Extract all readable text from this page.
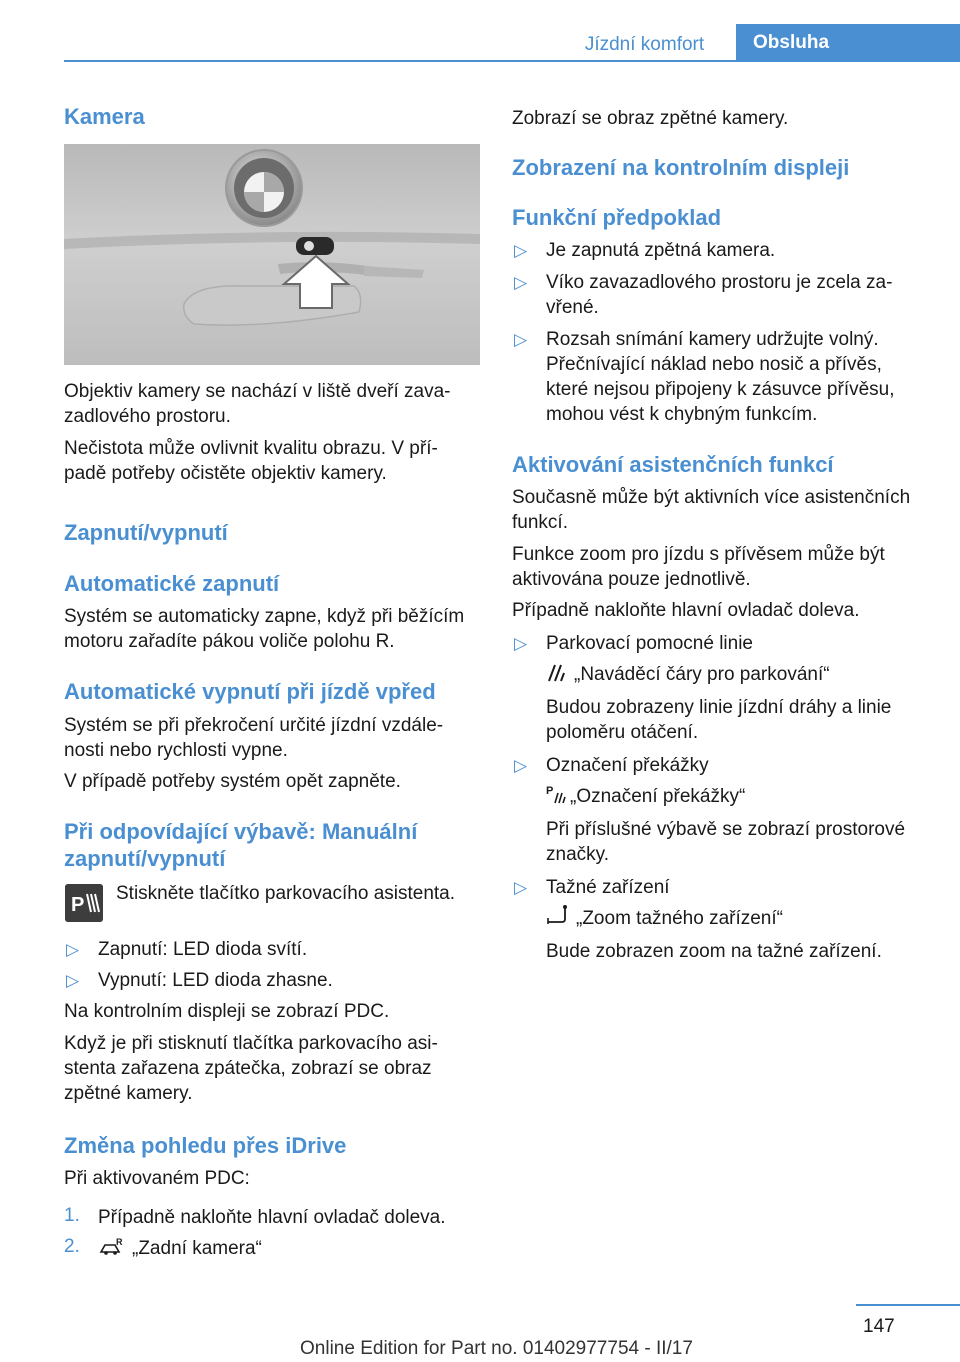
Jízdní komfort	Obsluha
Kamera
Objektiv kamery se nachází v liště dveří zava-
zadlového prostoru.
Nečistota může ovlivnit kvalitu obrazu. V pří-
padě potřeby očistěte objektiv kamery.
Zapnutí/vypnutí
Automatické zapnutí
Systém se automaticky zapne, když při běžícím
motoru zařadíte pákou voliče polohu R.
Automatické vypnutí při jízdě vpřed
Systém se při překročení určité jízdní vzdále-
nosti nebo rychlosti vypne.
V případě potřeby systém opět zapněte.
Při odpovídající výbavě: Manuální
zapnutí/vypnutí
P
Stiskněte tlačítko parkovacího asistenta.
▷ Zapnutí: LED dioda svítí.
▷ Vypnutí: LED dioda zhasne.
Na kontrolním displeji se zobrazí PDC.
Když je při stisknutí tlačítka parkovacího asi-
stenta zařazena zpátečka, zobrazí se obraz
zpětné kamery.
Změna pohledu přes iDrive
Při aktivovaném PDC:
1. Případně nakloňte hlavní ovladač doleva.
2.	R „Zadní kamera“
Zobrazí se obraz zpětné kamery.
Zobrazení na kontrolním displeji
Funkční předpoklad
▷ Je zapnutá zpětná kamera.
▷ Víko zavazadlového prostoru je zcela za-
vřené.
▷ Rozsah snímání kamery udržujte volný.
Přečnívající náklad nebo nosič a přívěs,
které nejsou připojeny k zásuvce přívěsu,
mohou vést k chybným funkcím.
Aktivování asistenčních funkcí
Současně může být aktivních více asistenčních
funkcí.
Funkce zoom pro jízdu s přívěsem může být
aktivována pouze jednotlivě.
Případně nakloňte hlavní ovladač doleva.
▷ Parkovací pomocné linie
„Naváděcí čáry pro parkování“
Budou zobrazeny linie jízdní dráhy a linie
poloměru otáčení.
▷ Označení překážky
P „Označení překážky“
Při příslušné výbavě se zobrazí prostorové
značky.
▷ Tažné zařízení
„Zoom tažného zařízení“
Bude zobrazen zoom na tažné zařízení.
147
Online Edition for Part no. 01402977754 - II/17
